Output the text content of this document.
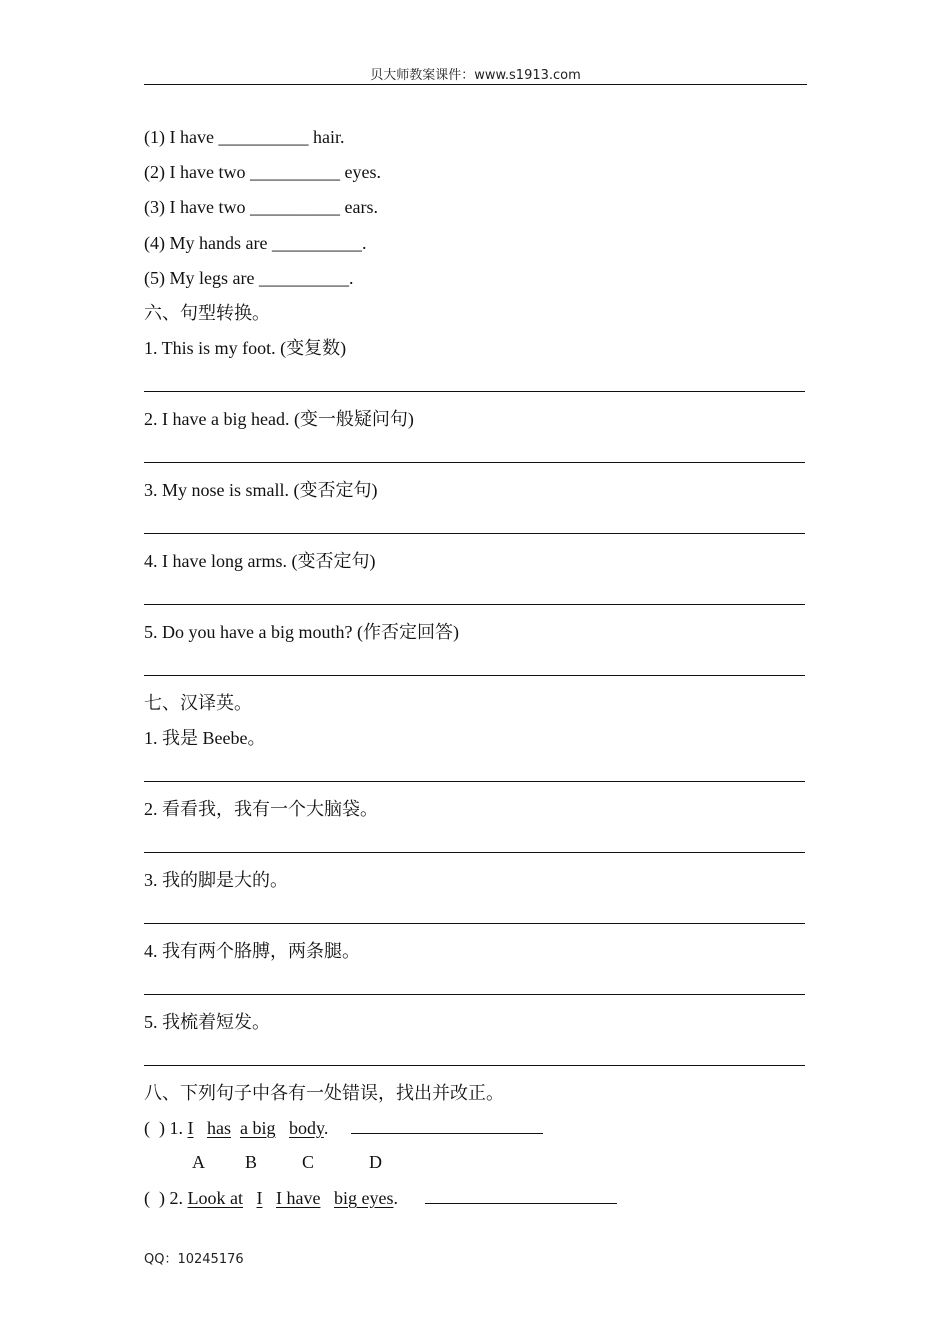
贝大师教案课件：www.s1913.com
(1) I have __________ hair.
(2) I have two __________ eyes.
(3) I have two __________ ears.
(4) My hands are __________.
(5) My legs are __________.
六、句型转换。
1. This is my foot. (变复数)
2. I have a big head. (变一般疑问句)
3. My nose is small. (变否定句)
4. I have long arms. (变否定句)
5. Do you have a big mouth? (作否定回答)
七、汉译英。
1. 我是 Beebe。
2. 看看我，我有一个大脑袋。
3. 我的脚是大的。
4. 我有两个胳膊，两条腿。
5. 我梳着短发。
八、下列句子中各有一处错误，找出并改正。
(  ) 1. I has a big body.
A B C	D
(  ) 2. Look at I I have big eyes.
QQ：10245176
